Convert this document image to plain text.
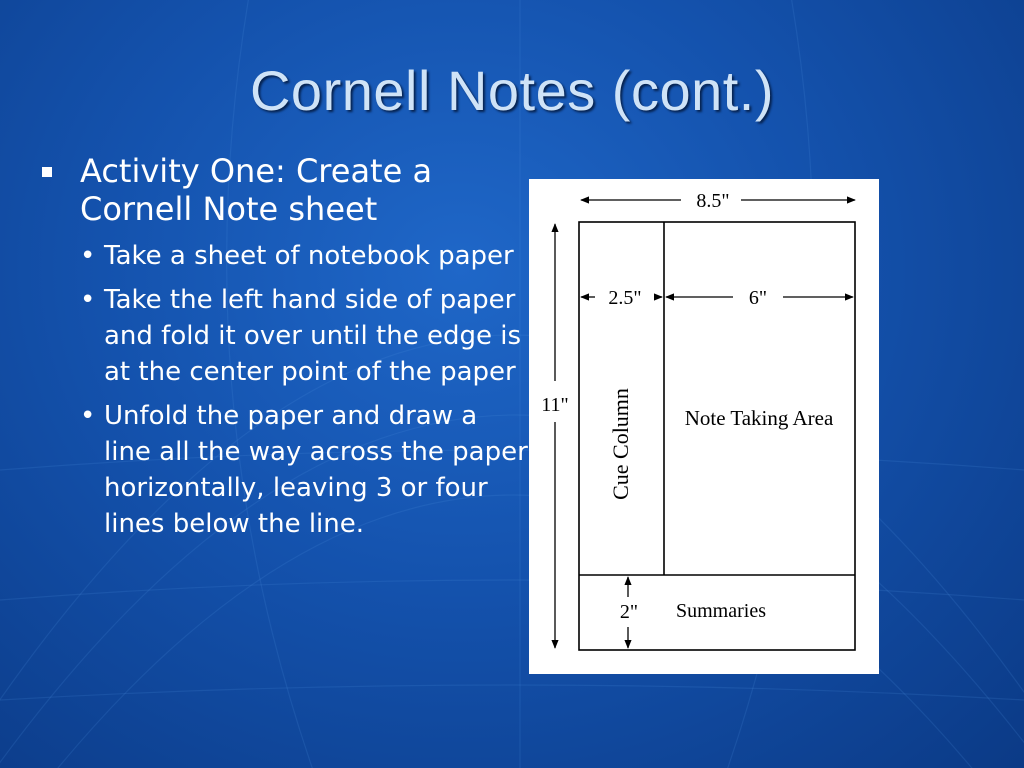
Cornell Notes (cont.)
Activity One: Create a Cornell Note sheet
• Take a sheet of notebook paper
• Take the left hand side of paper and fold it over until the edge is at the center point of the paper
• Unfold the paper and draw a line all the way across the paper horizontally, leaving 3 or four lines below the line.
8.5"
11"
2.5"	6"
Cue Column Note Taking Area
2" Summaries
